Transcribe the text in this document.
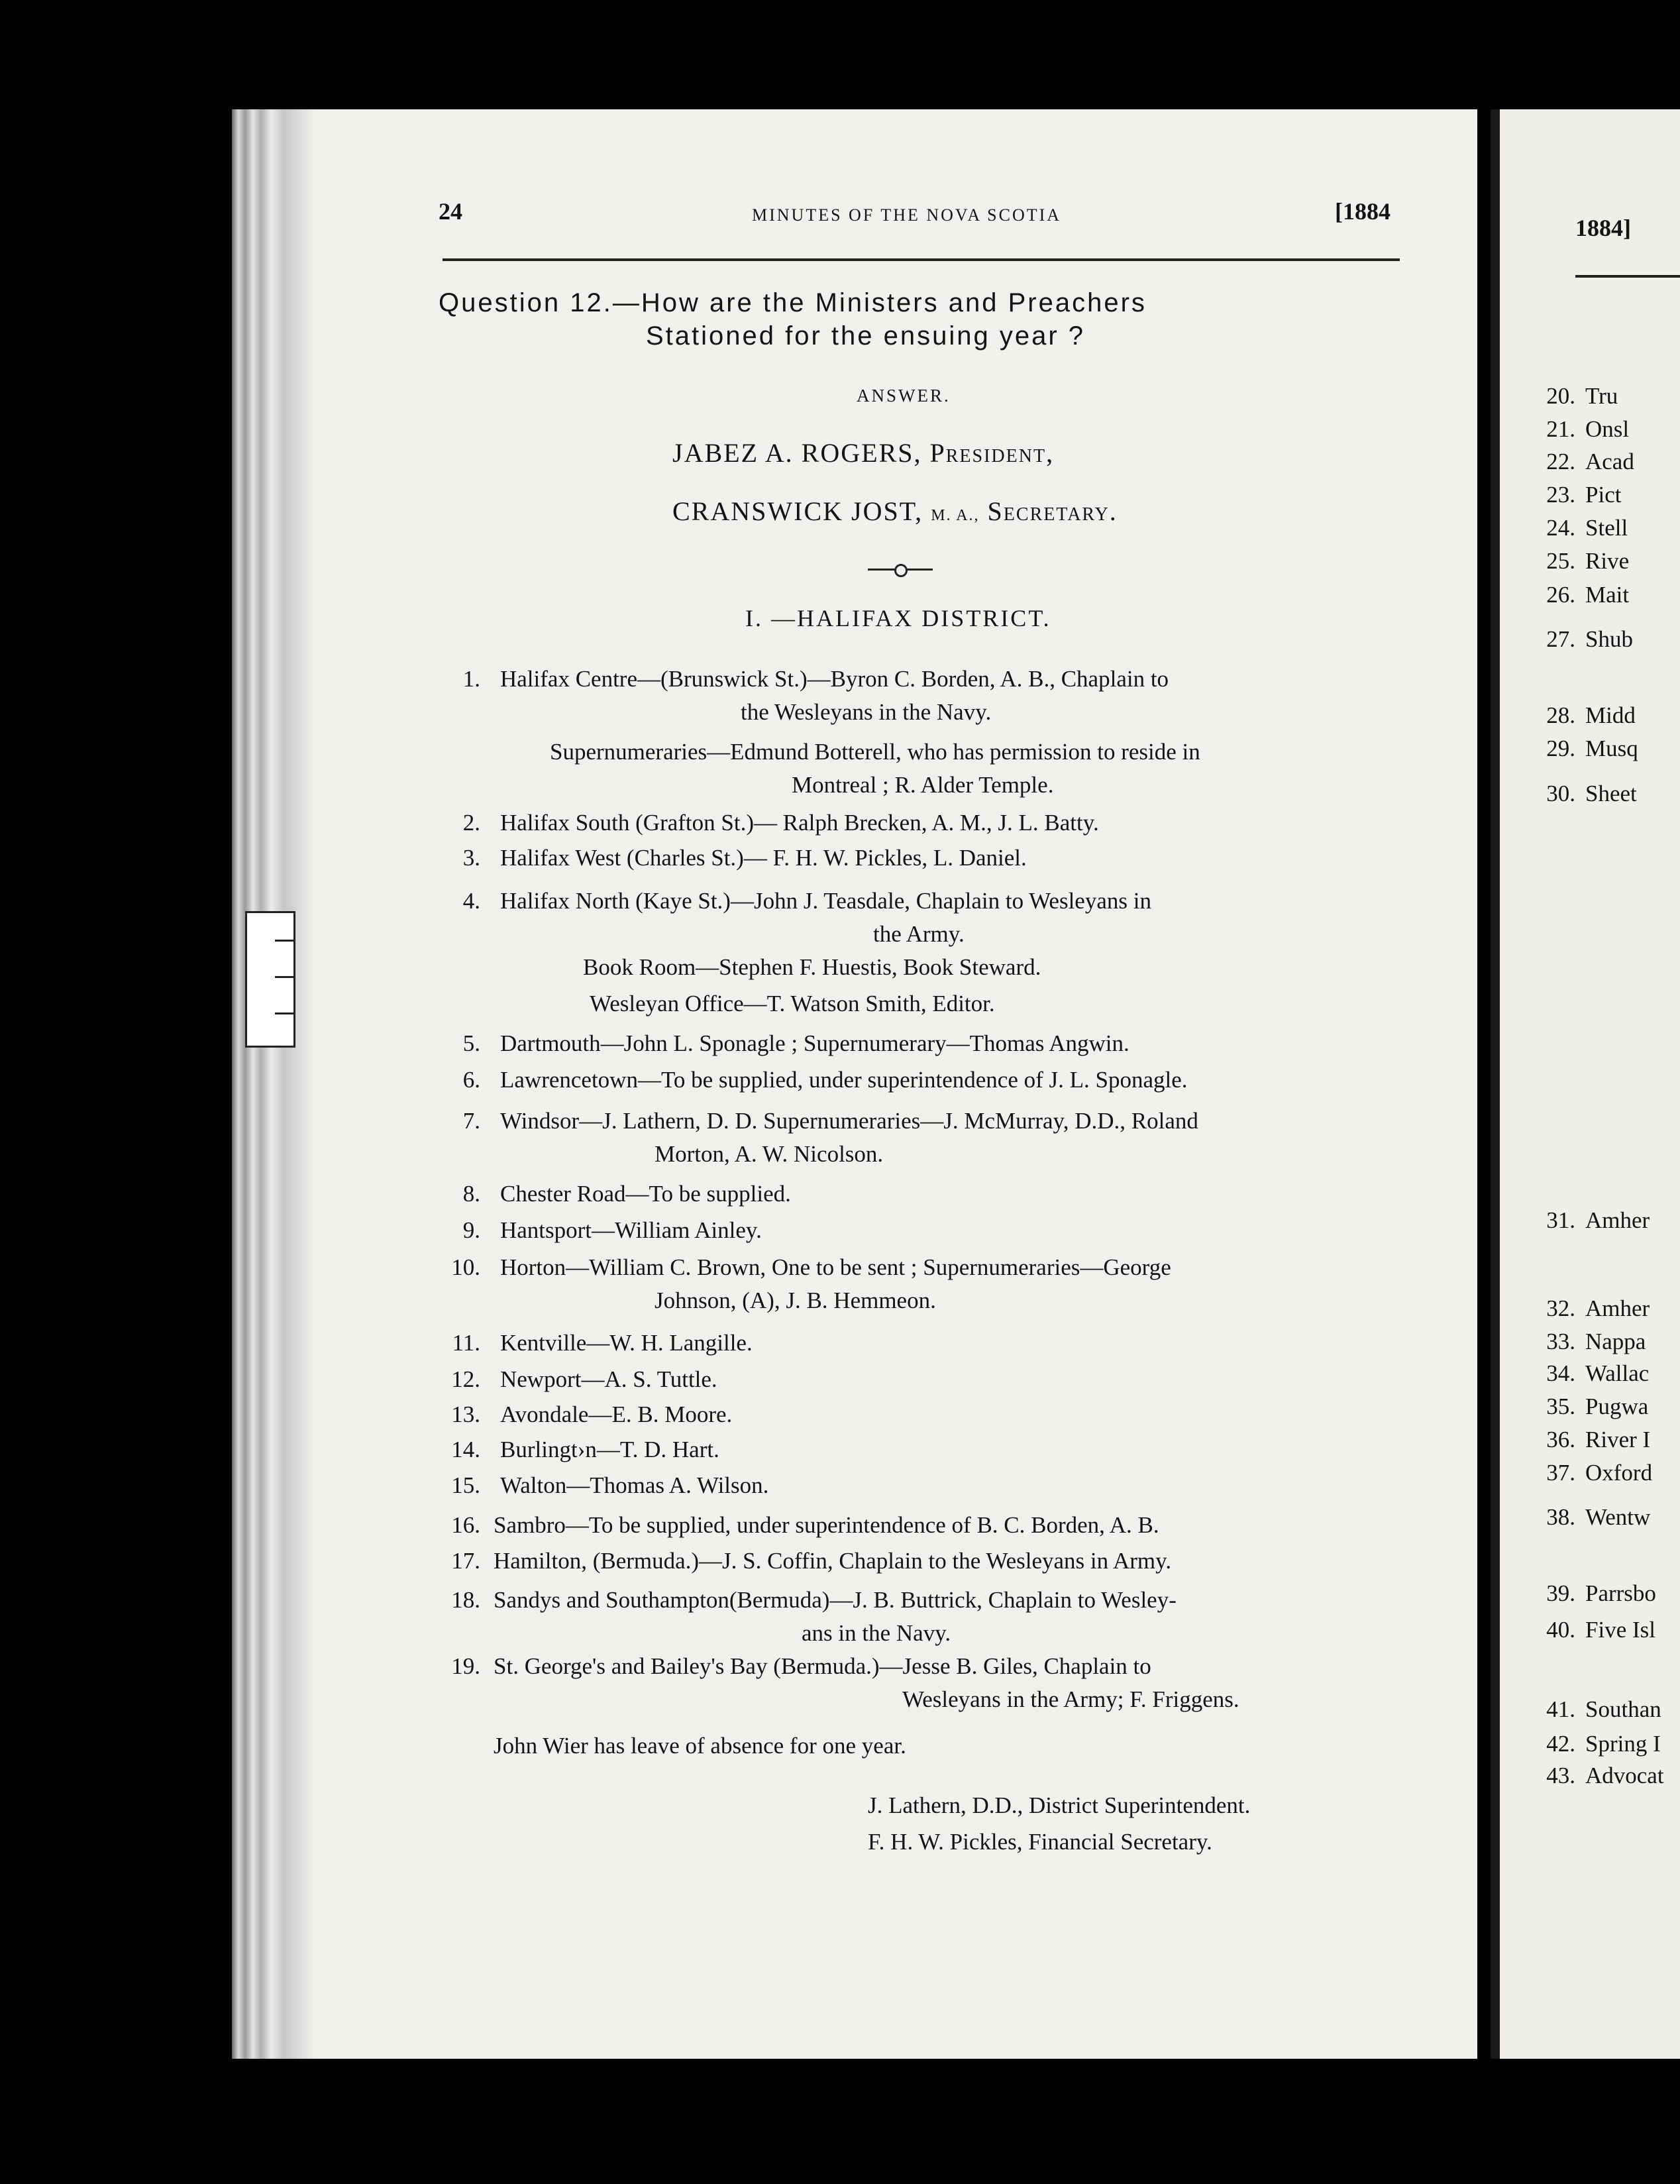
24	MINUTES OF THE NOVA SCOTIA	[1884
Question 12.—How are the Ministers and Preachers
Stationed for the ensuing year ?
ANSWER.
JABEZ A. ROGERS, President,
CRANSWICK JOST, M. A., Secretary.
I. —HALIFAX DISTRICT.
1. Halifax Centre—(Brunswick St.)—Byron C. Borden, A. B., Chaplain to
the Wesleyans in the Navy.
Supernumeraries—Edmund Botterell, who has permission to reside in
Montreal ; R. Alder Temple.
2. Halifax South (Grafton St.)— Ralph Brecken, A. M., J. L. Batty.
3. Halifax West (Charles St.)— F. H. W. Pickles, L. Daniel.
4. Halifax North (Kaye St.)—John J. Teasdale, Chaplain to Wesleyans in
the Army.
Book Room—Stephen F. Huestis, Book Steward.
Wesleyan Office—T. Watson Smith, Editor.
5. Dartmouth—John L. Sponagle ; Supernumerary—Thomas Angwin.
6. Lawrencetown—To be supplied, under superintendence of J. L. Sponagle.
7. Windsor—J. Lathern, D. D. Supernumeraries—J. McMurray, D.D., Roland
Morton, A. W. Nicolson.
8. Chester Road—To be supplied.
9. Hantsport—William Ainley.
10. Horton—William C. Brown, One to be sent ; Supernumeraries—George
Johnson, (A), J. B. Hemmeon.
11. Kentville—W. H. Langille.
12. Newport—A. S. Tuttle.
13. Avondale—E. B. Moore.
14. Burlingt›n—T. D. Hart.
15. Walton—Thomas A. Wilson.
16. Sambro—To be supplied, under superintendence of B. C. Borden, A. B.
17. Hamilton, (Bermuda.)—J. S. Coffin, Chaplain to the Wesleyans in Army.
18. Sandys and Southampton(Bermuda)—J. B. Buttrick, Chaplain to Wesley-
ans in the Navy.
19. St. George's and Bailey's Bay (Bermuda.)—Jesse B. Giles, Chaplain to
Wesleyans in the Army; F. Friggens.
John Wier has leave of absence for one year.
J. Lathern, D.D., District Superintendent.
F. H. W. Pickles, Financial Secretary.
1884]
20. Tru
21. Onsl
22. Acad
23. Pict
24. Stell
25. Rive
26. Mait
27. Shub
28. Midd
29. Musq
30. Sheet
31. Amher
32. Amher
33. Nappa
34. Wallac
35. Pugwa
36. River I
37. Oxford
38. Wentw
39. Parrsbo
40. Five Isl
41. Southan
42. Spring I
43. Advocat
